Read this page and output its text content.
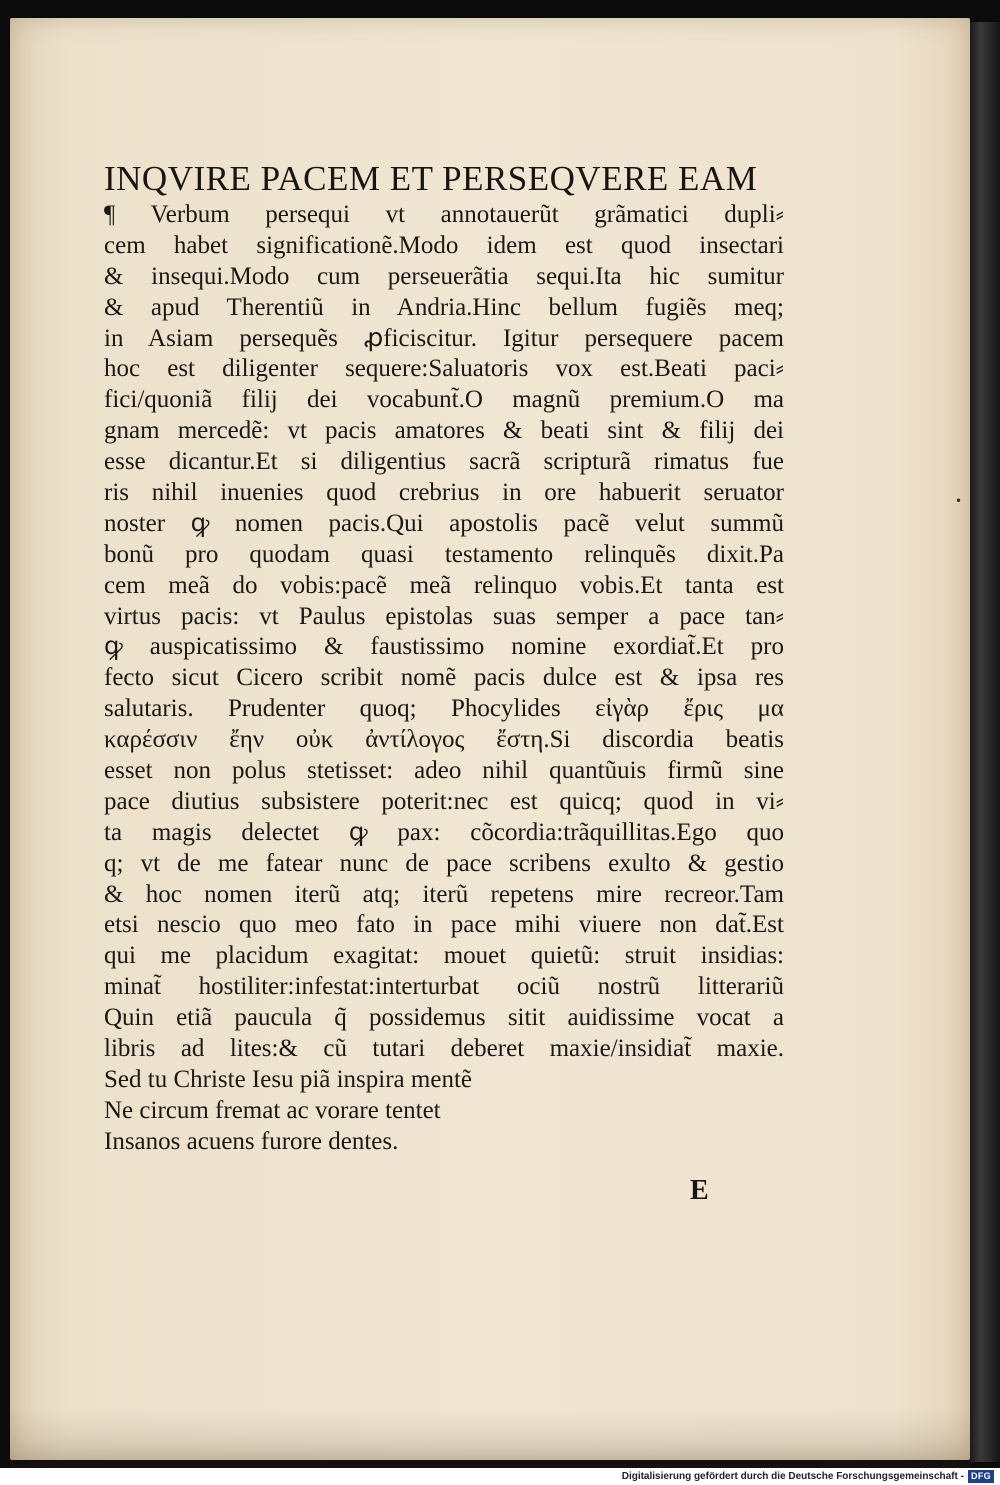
•
INQVIRE PACEM ET PERSEQVERE EAM
¶ Verbum persequi vt annotauerũt grãmatici dupli⸗
cem habet significationẽ.Modo idem est quod insectari
& insequi.Modo cum perseuerãtia sequi.Ita hic sumitur
& apud Therentiũ in Andria.Hinc bellum fugiẽs meq;
in Asiam persequẽs ꝓficiscitur. Igitur persequere pacem
hoc est diligenter sequere:Saluatoris vox est.Beati paci⸗
fici/quoniã filij dei vocabunt̃.O magnũ premium.O ma
gnam mercedẽ: vt pacis amatores & beati sint & filij dei
esse dicantur.Et si diligentius sacrã scripturã rimatus fue
ris nihil inuenies quod crebrius in ore habuerit seruator
noster ꝙ nomen pacis.Qui apostolis pacẽ velut summũ
bonũ pro quodam quasi testamento relinquẽs dixit.Pa
cem meã do vobis:pacẽ meã relinquo vobis.Et tanta est
virtus pacis: vt Paulus epistolas suas semper a pace tan⸗
ꝙ auspicatissimo & faustissimo nomine exordiat̃.Et pro
fecto sicut Cicero scribit nomẽ pacis dulce est & ipsa res
salutaris. Prudenter quoq; Phocylides εἰγὰρ ἔρις μα
καρέσσιν ἔην οὐκ ἀντίλογος ἔστη.Si discordia beatis
esset non polus stetisset: adeo nihil quantũuis firmũ sine
pace diutius subsistere poterit:nec est quicq; quod in vi⸗
ta magis delectet ꝙ pax: cõcordia:trãquillitas.Ego quo
q; vt de me fatear nunc de pace scribens exulto & gestio
& hoc nomen iterũ atq; iterũ repetens mire recreor.Tam
etsi nescio quo meo fato in pace mihi viuere non dat̃.Est
qui me placidum exagitat: mouet quietũ: struit insidias:
minat̃ hostiliter:infestat:interturbat ociũ nostrũ litterariũ
Quin etiã paucula q̃ possidemus sitit auidissime vocat a
libris ad lites:& cũ tutari deberet maxie/insidiat̃ maxie.
Sed tu Christe Iesu piã inspira mentẽ
Ne circum fremat ac vorare tentet
Insanos acuens furore dentes.
E
Digitalisierung gefördert durch die Deutsche Forschungsgemeinschaft - DFG
